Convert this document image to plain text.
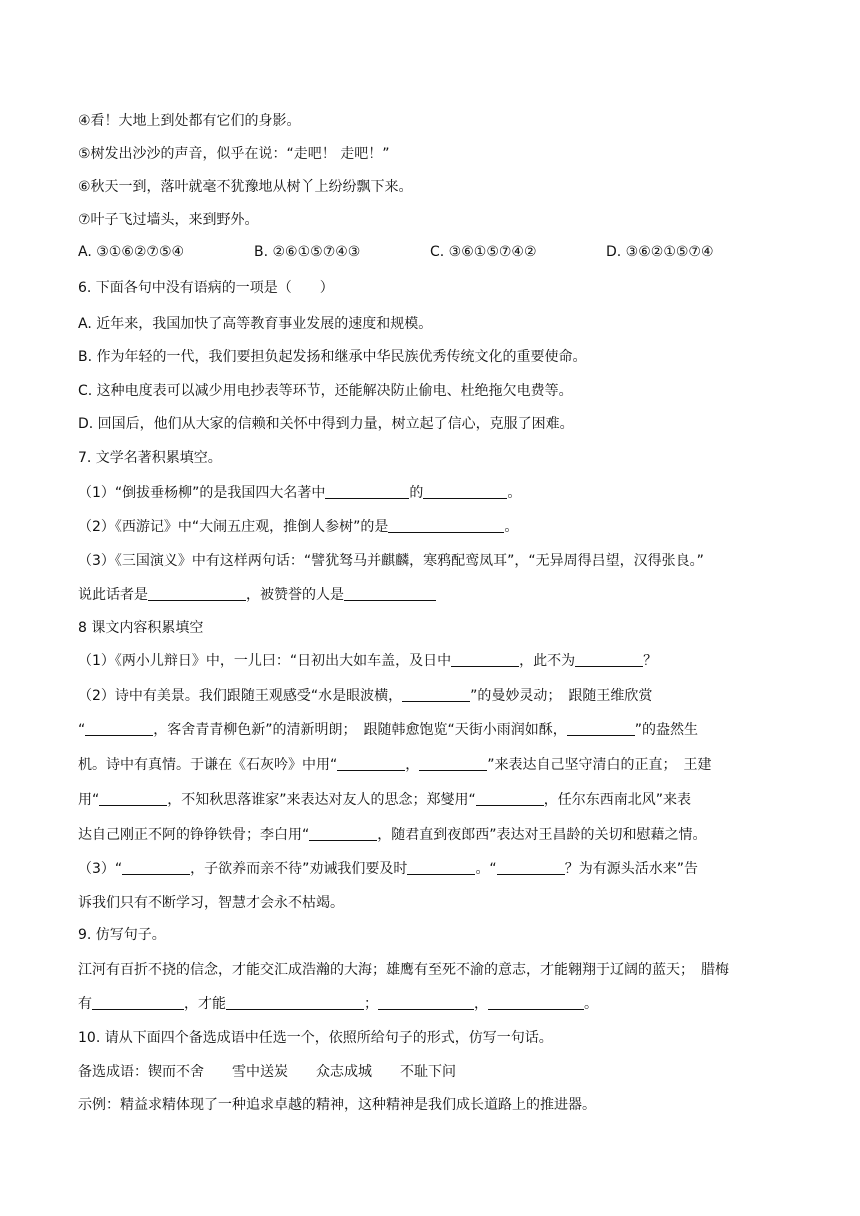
④看！大地上到处都有它们的身影。
⑤树发出沙沙的声音，似乎在说：“走吧！ 走吧！”
⑥秋天一到，落叶就毫不犹豫地从树丫上纷纷飘下来。
⑦叶子飞过墙头，来到野外。
A. ③①⑥②⑦⑤④	B. ②⑥①⑤⑦④③	C. ③⑥①⑤⑦④②	D. ③⑥②①⑤⑦④
6. 下面各句中没有语病的一项是（　　）
A. 近年来，我国加快了高等教育事业发展的速度和规模。
B. 作为年轻的一代，我们要担负起发扬和继承中华民族优秀传统文化的重要使命。
C. 这种电度表可以减少用电抄表等环节，还能解决防止偷电、杜绝拖欠电费等。
D. 回国后，他们从大家的信赖和关怀中得到力量，树立起了信心，克服了困难。
7. 文学名著积累填空。
（1）“倒拔垂杨柳”的是我国四大名著中	的	。
（2）《西游记》中“大闹五庄观，推倒人参树”的是	。
（3）《三国演义》中有这样两句话：“譬犹驽马并麒麟，寒鸦配鸾凤耳”，“无异周得吕望，汉得张良。”
说此话者是	，被赞誉的人是
8 课文内容积累填空
（1）《两小儿辩日》中，一儿曰：“日初出大如车盖，及日中	，此不为	？
（2）诗中有美景。我们跟随王观感受“水是眼波横，	”的曼妙灵动；　跟随王维欣赏
“	，客舍青青柳色新”的清新明朗；　跟随韩愈饱览“天街小雨润如酥，	”的盎然生
机。诗中有真情。于谦在《石灰吟》中用“	，	”来表达自己坚守清白的正直；　王建
用“	，不知秋思落谁家”来表达对友人的思念；郑燮用“	，任尔东西南北风”来表
达自己刚正不阿的铮铮铁骨；李白用“	，随君直到夜郎西”表达对王昌龄的关切和慰藉之情。
（3）“	，子欲养而亲不待”劝诫我们要及时	。“	？为有源头活水来”告
诉我们只有不断学习，智慧才会永不枯竭。
9. 仿写句子。
江河有百折不挠的信念，才能交汇成浩瀚的大海；雄鹰有至死不渝的意志，才能翱翔于辽阔的蓝天；　腊梅
有	，才能	；	，	。
10. 请从下面四个备选成语中任选一个，依照所给句子的形式，仿写一句话。
备选成语：锲而不舍　　雪中送炭　　众志成城　　不耻下问
示例：精益求精体现了一种追求卓越的精神，这种精神是我们成长道路上的推进器。
